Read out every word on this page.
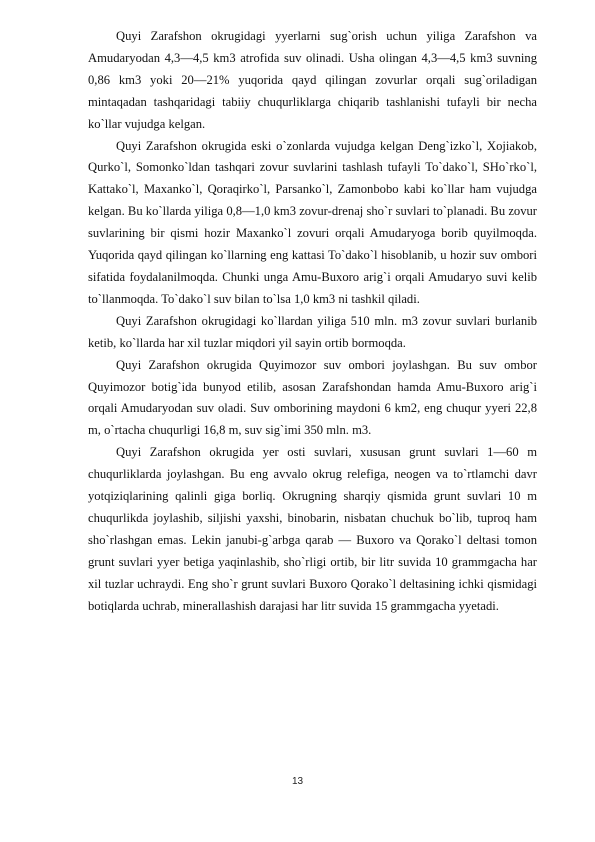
Quyi Zarafshon okrugidagi yyerlarni sug`orish uchun yiliga Zarafshon va Amudaryodan 4,3—4,5 km3 atrofida suv olinadi. Usha olingan 4,3—4,5 km3 suvning 0,86 km3 yoki 20—21% yuqorida qayd qilingan zovurlar orqali sug`oriladigan mintaqadan tashqaridagi tabiiy chuqurliklarga chiqarib tashlanishi tufayli bir necha ko`llar vujudga kelgan.

Quyi Zarafshon okrugida eski o`zonlarda vujudga kelgan Deng`izko`l, Xojiakob, Qurko`l, Somonko`ldan tashqari zovur suvlarini tashlash tufayli To`dako`l, SHo`rko`l, Kattako`l, Maxanko`l, Qoraqirko`l, Parsanko`l, Zamonbobo kabi ko`llar ham vujudga kelgan. Bu ko`llarda yiliga 0,8—1,0 km3 zovur-drenaj sho`r suvlari to`planadi. Bu zovur suvlarining bir qismi hozir Maxanko`l zovuri orqali Amudaryoga borib quyilmoqda. Yuqorida qayd qilingan ko`llarning eng kattasi To`dako`l hisoblanib, u hozir suv ombori sifatida foydalanilmoqda. Chunki unga Amu-Buxoro arig`i orqali Amudaryo suvi kelib to`llanmoqda. To`dako`l suv bilan to`lsa 1,0 km3 ni tashkil qiladi.

Quyi Zarafshon okrugidagi ko`llardan yiliga 510 mln. m3 zovur suvlari burlanib ketib, ko`llarda har xil tuzlar miqdori yil sayin ortib bormoqda.

Quyi Zarafshon okrugida Quyimozor suv ombori joylashgan. Bu suv ombor Quyimozor botig`ida bunyod etilib, asosan Zarafshondan hamda Amu-Buxoro arig`i orqali Amudaryodan suv oladi. Suv omborining maydoni 6 km2, eng chuqur yyeri 22,8 m, o`rtacha chuqurligi 16,8 m, suv sig`imi 350 mln. m3.

Quyi Zarafshon okrugida yer osti suvlari, xususan grunt suvlari 1—60 m chuqurliklarda joylashgan. Bu eng avvalo okrug relefiga, neogen va to`rtlamchi davr yotqiziqlarining qalinli giga borliq. Okrugning sharqiy qismida grunt suvlari 10 m chuqurlikda joylashib, siljishi yaxshi, binobarin, nisbatan chuchuk bo`lib, tuproq ham sho`rlashgan emas. Lekin janubi-g`arbga qarab — Buxoro va Qorako`l deltasi tomon grunt suvlari yyer betiga yaqinlashib, sho`rligi ortib, bir litr suvida 10 grammgacha har xil tuzlar uchraydi. Eng sho`r grunt suvlari Buxoro Qorako`l deltasining ichki qismidagi botiqlarda uchrab, minerallashish darajasi har litr suvida 15 grammgacha yyetadi.

13
